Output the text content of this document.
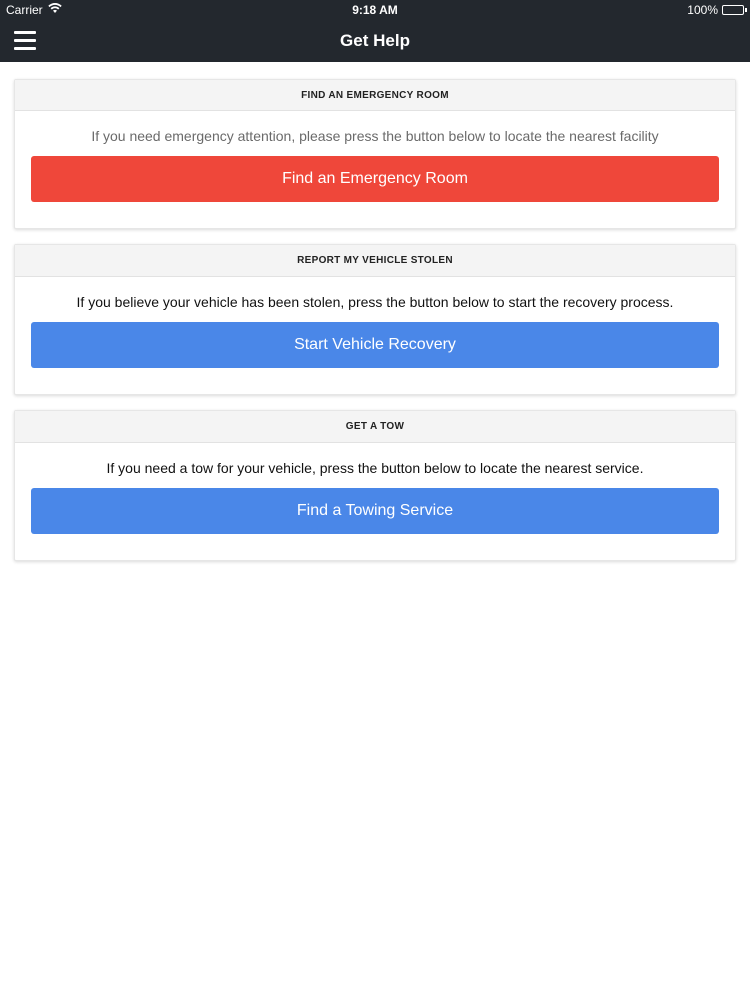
Carrier	9:18 AM	100%
Get Help
FIND AN EMERGENCY ROOM

If you need emergency attention, please press the button below to locate the nearest facility

Find an Emergency Room
REPORT MY VEHICLE STOLEN

If you believe your vehicle has been stolen, press the button below to start the recovery process.

Start Vehicle Recovery
GET A TOW

If you need a tow for your vehicle, press the button below to locate the nearest service.

Find a Towing Service
